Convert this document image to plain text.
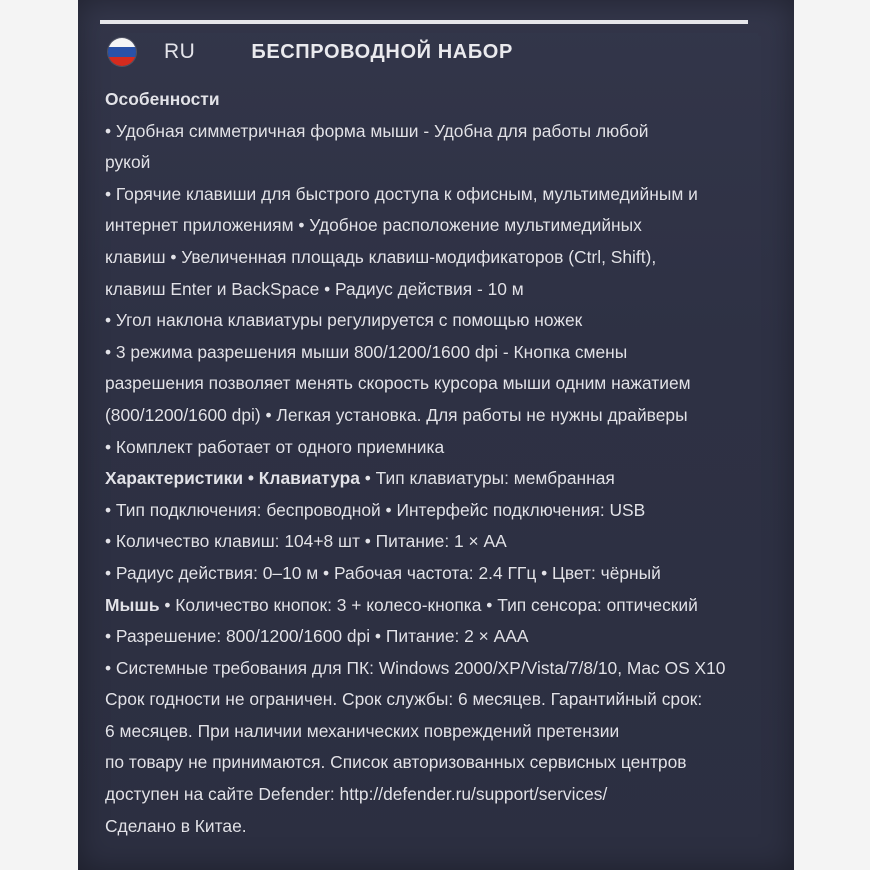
RU	БЕСПРОВОДНОЙ НАБОР
Особенности
• Удобная симметричная форма мыши - Удобна для работы любой
рукой
• Горячие клавиши для быстрого доступа к офисным, мультимедийным и
интернет приложениям • Удобное расположение мультимедийных
клавиш • Увеличенная площадь клавиш-модификаторов (Ctrl, Shift),
клавиш Enter и BackSpace • Радиус действия - 10 м
• Угол наклона клавиатуры регулируется с помощью ножек
• 3 режима разрешения мыши 800/1200/1600 dpi - Кнопка смены
разрешения позволяет менять скорость курсора мыши одним нажатием
(800/1200/1600 dpi) • Легкая установка. Для работы не нужны драйверы
• Комплект работает от одного приемника
Характеристики • Клавиатура • Тип клавиатуры: мембранная
• Тип подключения: беспроводной • Интерфейс подключения: USB
• Количество клавиш: 104+8 шт • Питание: 1 × AA
• Радиус действия: 0–10 м • Рабочая частота: 2.4 ГГц • Цвет: чёрный
Мышь • Количество кнопок: 3 + колесо-кнопка • Тип сенсора: оптический
• Разрешение: 800/1200/1600 dpi • Питание: 2 × AAA
• Системные требования для ПК: Windows 2000/XP/Vista/7/8/10, Mac OS X10
Срок годности не ограничен. Срок службы: 6 месяцев. Гарантийный срок:
6 месяцев. При наличии механических повреждений претензии
по товару не принимаются. Список авторизованных сервисных центров
доступен на сайте Defender: http://defender.ru/support/services/
Сделано в Китае.
